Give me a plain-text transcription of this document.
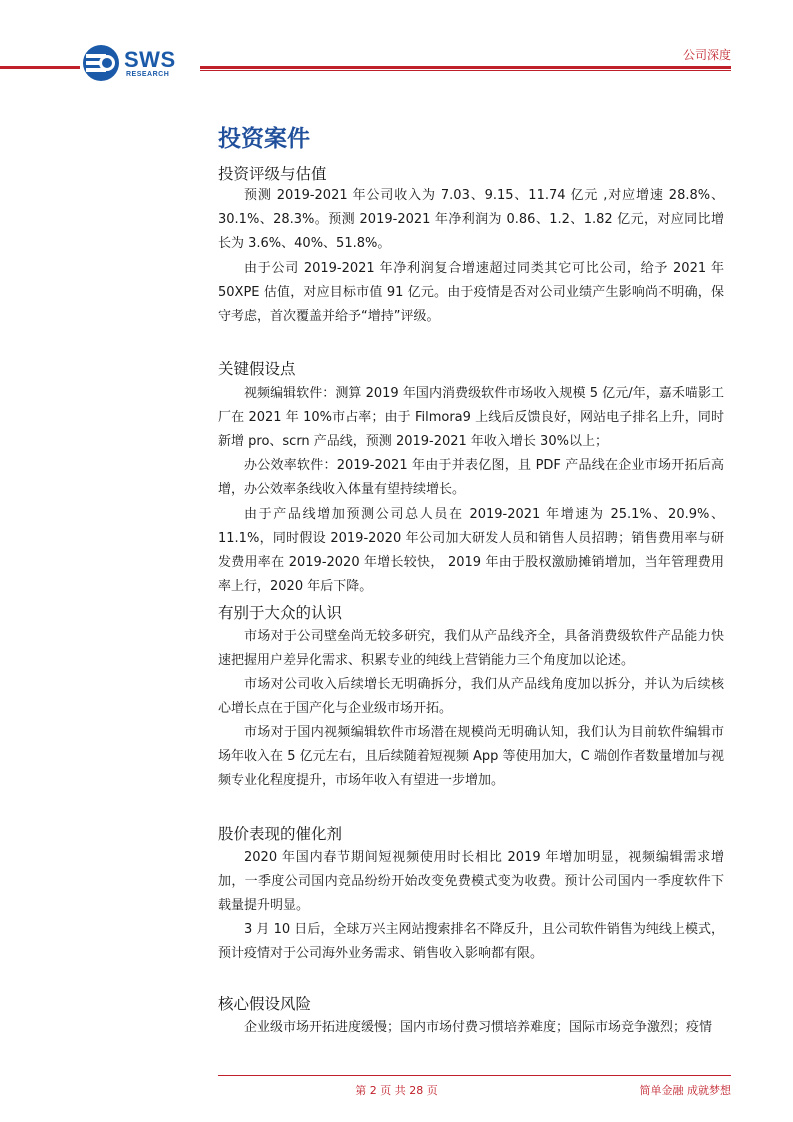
SWS
RESEARCH
公司深度
投资案件
投资评级与估值
预测 2019-2021 年公司收入为 7.03、9.15、11.74 亿元 ,对应增速 28.8%、30.1%、28.3%。预测 2019-2021 年净利润为 0.86、1.2、1.82 亿元，对应同比增长为 3.6%、40%、51.8%。
由于公司 2019-2021 年净利润复合增速超过同类其它可比公司，给予 2021 年 50XPE 估值，对应目标市值 91 亿元。由于疫情是否对公司业绩产生影响尚不明确，保守考虑，首次覆盖并给予“增持”评级。
关键假设点
视频编辑软件：测算 2019 年国内消费级软件市场收入规模 5 亿元/年，嘉禾喵影工厂在 2021 年 10%市占率；由于 Filmora9 上线后反馈良好，网站电子排名上升，同时新增 pro、scrn 产品线，预测 2019-2021 年收入增长 30%以上；
办公效率软件：2019-2021 年由于并表亿图，且 PDF 产品线在企业市场开拓后高增，办公效率条线收入体量有望持续增长。
由于产品线增加预测公司总人员在 2019-2021 年增速为 25.1%、20.9%、11.1%，同时假设 2019-2020 年公司加大研发人员和销售人员招聘；销售费用率与研发费用率在 2019-2020 年增长较快， 2019 年由于股权激励摊销增加，当年管理费用率上行，2020 年后下降。
有别于大众的认识
市场对于公司壁垒尚无较多研究，我们从产品线齐全，具备消费级软件产品能力快速把握用户差异化需求、积累专业的纯线上营销能力三个角度加以论述。
市场对公司收入后续增长无明确拆分，我们从产品线角度加以拆分，并认为后续核心增长点在于国产化与企业级市场开拓。
市场对于国内视频编辑软件市场潜在规模尚无明确认知，我们认为目前软件编辑市场年收入在 5 亿元左右，且后续随着短视频 App 等使用加大，C 端创作者数量增加与视频专业化程度提升，市场年收入有望进一步增加。
股价表现的催化剂
2020 年国内春节期间短视频使用时长相比 2019 年增加明显，视频编辑需求增加，一季度公司国内竞品纷纷开始改变免费模式变为收费。预计公司国内一季度软件下载量提升明显。
3 月 10 日后，全球万兴主网站搜索排名不降反升，且公司软件销售为纯线上模式，预计疫情对于公司海外业务需求、销售收入影响都有限。
核心假设风险
企业级市场开拓进度缓慢；国内市场付费习惯培养难度；国际市场竞争激烈；疫情
第 2 页 共 28 页	简单金融 成就梦想
